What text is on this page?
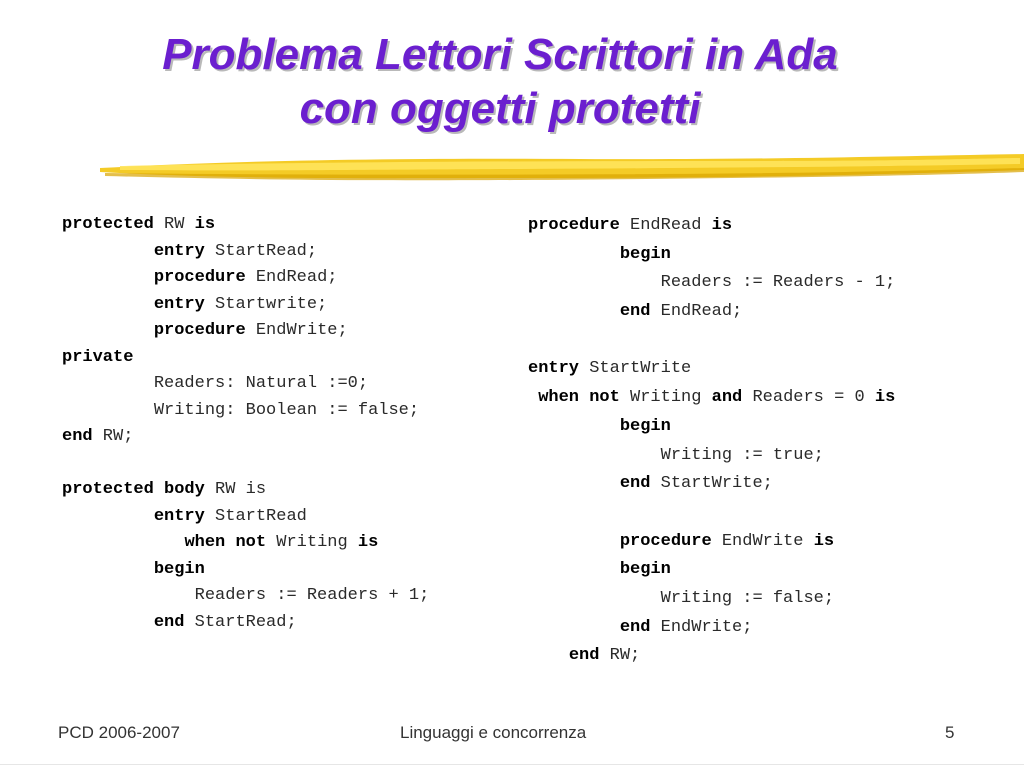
Problema Lettori Scrittori in Ada
con oggetti protetti
protected RW is
	entry StartRead;
	procedure EndRead;
	entry Startwrite;
	procedure EndWrite;
private
	Readers: Natural :=0;
	Writing: Boolean := false;
end RW;
protected body RW is
	entry StartRead
	when not Writing is
	begin
	Readers := Readers + 1;
	end StartRead;
procedure EndRead is
	begin
	Readers := Readers - 1;
	end EndRead;
entry StartWrite
when not Writing and Readers = 0 is
	begin
	Writing := true;
	end StartWrite;
	procedure EndWrite is
	begin
	Writing := false;
	end EndWrite;
end RW;
PCD 2006-2007	Linguaggi e concorrenza	5
